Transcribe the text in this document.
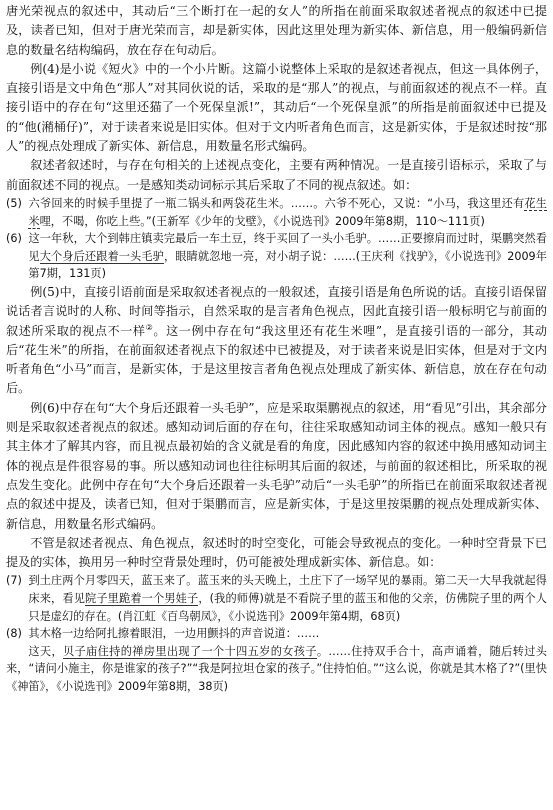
唐光荣视点的叙述中，其动后“三个断打在一起的女人”的所指在前面采取叙述者视点的叙述中已提及，读者已知，但对于唐光荣而言，却是新实体，因此这里处理为新实体、新信息，用一般编码新信息的数量名结构编码，放在存在句动后。

例(4)是小说《短火》中的一个小片断。这篇小说整体上采取的是叙述者视点，但这一具体例子，直接引语是文中角色“那人”对其同伙说的话，采取的是“那人”的视点，与前面叙述的视点不一样。直接引语中的存在句“这里还猫了一个死保皇派!”，其动后“一个死保皇派”的所指是前面叙述中已提及的“他(潲桶仔)”，对于读者来说是旧实体。但对于文内听者角色而言，这是新实体，于是叙述时按“那人”的视点处理成了新实体、新信息，用数量名形式编码。

叙述者叙述时，与存在句相关的上述视点变化，主要有两种情况。一是直接引语标示，采取了与前面叙述不同的视点。一是感知类动词标示其后采取了不同的视点叙述。如：

(5) 六爷回来的时候手里提了一瓶二锅头和两袋花生米。……。六爷不死心，又说：“小马，我这里还有花生米哩，不喝，你吃上些。”(王新军《少年的戈壁》，《小说选刊》2009年第8期，110～111页)

(6) 这一年秋，大个到韩庄镇卖完最后一车土豆，终于买回了一头小毛驴。……正要擦肩而过时，渠鹏突然看见大个身后还跟着一头毛驴，眼睛就忽地一亮，对小胡子说：……(王庆利《找驴》，《小说选刊》2009年第7期，131页)

例(5)中，直接引语前面是采取叙述者视点的一般叙述，直接引语是角色所说的话。直接引语保留说话者言说时的人称、时间等指示，自然采取的是言者角色视点，因此直接引语一般标明它与前面的叙述所采取的视点不一样②。这一例中存在句“我这里还有花生米哩”，是直接引语的一部分，其动后“花生米”的所指，在前面叙述者视点下的叙述中已被提及，对于读者来说是旧实体，但是对于文内听者角色“小马”而言，是新实体，于是这里按言者角色视点处理成了新实体、新信息，放在存在句动后。

例(6)中存在句“大个身后还跟着一头毛驴”，应是采取渠鹏视点的叙述，用“看见”引出，其余部分则是采取叙述者视点的叙述。感知动词后面的存在句，往往采取感知动词主体的视点。感知一般只有其主体才了解其内容，而且视点最初始的含义就是看的角度，因此感知内容的叙述中换用感知动词主体的视点是件很容易的事。所以感知动词也往往标明其后面的叙述，与前面的叙述相比，所采取的视点发生变化。此例中存在句“大个身后还跟着一头毛驴”动后“一头毛驴”的所指已在前面采取叙述者视点的叙述中提及，读者已知，但对于渠鹏而言，应是新实体，于是这里按渠鹏的视点处理成新实体、新信息，用数量名形式编码。

不管是叙述者视点、角色视点，叙述时的时空变化，可能会导致视点的变化。一种时空背景下已提及的实体，换用另一种时空背景处理时，仍可能被处理成新实体、新信息。如：

(7) 到土庄两个月零四天，蓝玉来了。蓝玉来的头天晚上，土庄下了一场罕见的暴雨。第二天一大早我就起得床来，看见院子里跪着一个男娃子，(我的师傅)就是不看院子里的蓝玉和他的父亲，仿佛院子里的两个人只是虚幻的存在。(肖江虹《百鸟朝凤》，《小说选刊》2009年第4期，68页)

(8) 其木格一边给阿扎擦着眼泪，一边用颤抖的声音说道：……

这天，贝子庙住持的禅房里出现了一个十四五岁的女孩子。……住持双手合十，高声诵着，随后转过头来，“请问小施主，你是谁家的孩子?”“我是阿拉坦仓家的孩子。”住持怕伯。”“这么说，你就是其木格了?”(里快《神笛》，《小说选刊》2009年第8期，38页)
